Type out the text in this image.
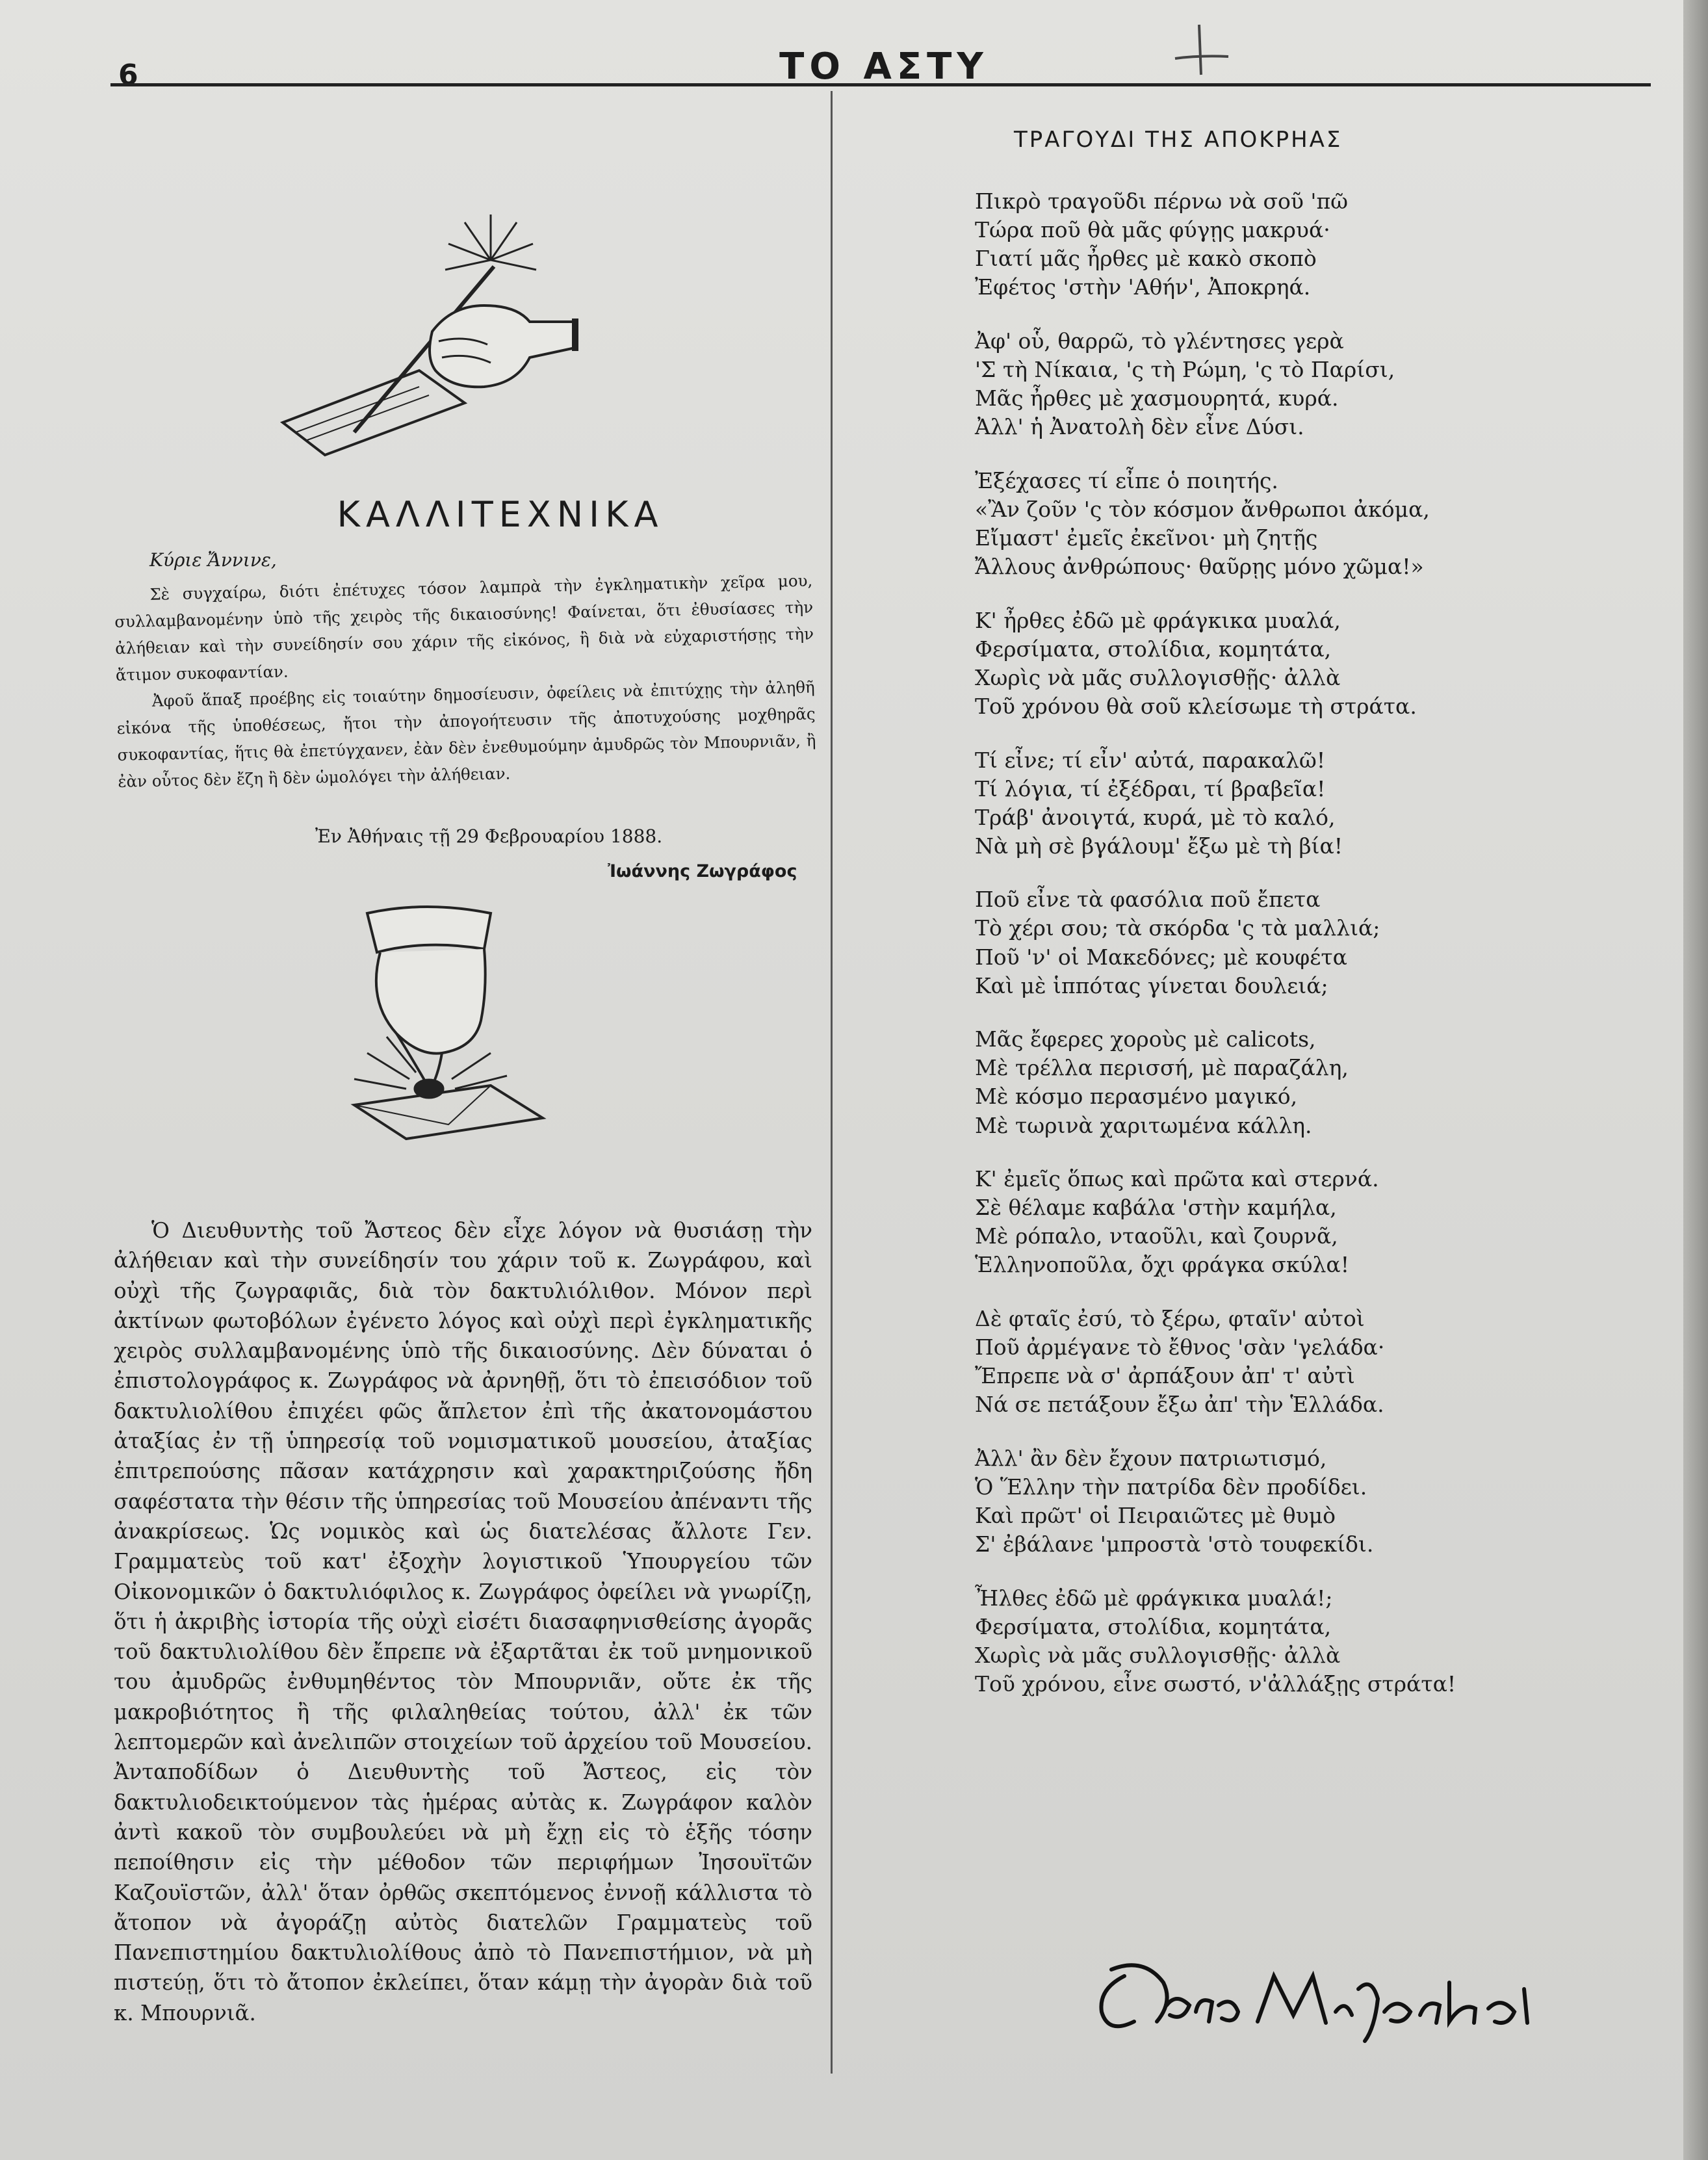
6	ΤΟ ΑΣΤΥ
ΚΑΛΛΙΤΕΧΝΙΚΑ
Κύριε Ἄννινε,

Σὲ συγχαίρω, διότι ἐπέτυχες τόσον λαμπρὰ τὴν ἐγκληματικὴν χεῖρα μου, συλλαμβανομένην ὑπὸ τῆς χειρὸς τῆς δικαιοσύνης! Φαίνεται, ὅτι ἐθυσίασες τὴν ἀλήθειαν καὶ τὴν συνείδησίν σου χάριν τῆς εἰκόνος, ἢ διὰ νὰ εὐχαριστήσῃς τὴν ἄτιμον συκοφαντίαν.

Ἀφοῦ ἅπαξ προέβης εἰς τοιαύτην δημοσίευσιν, ὀφείλεις νὰ ἐπιτύχῃς τὴν ἀληθῆ εἰκόνα τῆς ὑποθέσεως, ἤτοι τὴν ἀπογοήτευσιν τῆς ἀποτυχούσης μοχθηρᾶς συκοφαντίας, ἥτις θὰ ἐπετύγχανεν, ἐὰν δὲν ἐνεθυμούμην ἀμυδρῶς τὸν Μπουρνιᾶν, ἢ ἐὰν οὗτος δὲν ἔζη ἢ δὲν ὡμολόγει τὴν ἀλήθειαν.

Ἐν Ἀθήναις τῇ 29 Φεβρουαρίου 1888.
Ἰωάννης Ζωγράφος

Ὁ Διευθυντὴς τοῦ Ἄστεος δὲν εἶχε λόγον νὰ θυσιάσῃ τὴν ἀλήθειαν καὶ τὴν συνείδησίν του χάριν τοῦ κ. Ζωγράφου, καὶ οὐχὶ τῆς ζωγραφιᾶς, διὰ τὸν δακτυλιόλιθον. Μόνον περὶ ἀκτίνων φωτοβόλων ἐγένετο λόγος καὶ οὐχὶ περὶ ἐγκληματικῆς χειρὸς συλλαμβανομένης ὑπὸ τῆς δικαιοσύνης. Δὲν δύναται ὁ ἐπιστολογράφος κ. Ζωγράφος νὰ ἀρνηθῇ, ὅτι τὸ ἐπεισόδιον τοῦ δακτυλιολίθου ἐπιχέει φῶς ἄπλετον ἐπὶ τῆς ἀκατονομάστου ἀταξίας ἐν τῇ ὑπηρεσίᾳ τοῦ νομισματικοῦ μουσείου, ἀταξίας ἐπιτρεπούσης πᾶσαν κατάχρησιν καὶ χαρακτηριζούσης ἤδη σαφέστατα τὴν θέσιν τῆς ὑπηρεσίας τοῦ Μουσείου ἀπέναντι τῆς ἀνακρίσεως. Ὡς νομικὸς καὶ ὡς διατελέσας ἄλλοτε Γεν. Γραμματεὺς τοῦ κατ' ἐξοχὴν λογιστικοῦ Ὑπουργείου τῶν Οἰκονομικῶν ὁ δακτυλιόφιλος κ. Ζωγράφος ὀφείλει νὰ γνωρίζῃ, ὅτι ἡ ἀκριβὴς ἱστορία τῆς οὐχὶ εἰσέτι διασαφηνισθείσης ἀγορᾶς τοῦ δακτυλιολίθου δὲν ἔπρεπε νὰ ἐξαρτᾶται ἐκ τοῦ μνημονικοῦ του ἀμυδρῶς ἐνθυμηθέντος τὸν Μπουρνιᾶν, οὔτε ἐκ τῆς μακροβιότητος ἢ τῆς φιλαληθείας τούτου, ἀλλ' ἐκ τῶν λεπτομερῶν καὶ ἀνελιπῶν στοιχείων τοῦ ἀρχείου τοῦ Μουσείου. Ἀνταποδίδων ὁ Διευθυντὴς τοῦ Ἄστεος, εἰς τὸν δακτυλιοδεικτούμενον τὰς ἡμέρας αὐτὰς κ. Ζωγράφον καλὸν ἀντὶ κακοῦ τὸν συμβουλεύει νὰ μὴ ἔχῃ εἰς τὸ ἑξῆς τόσην πεποίθησιν εἰς τὴν μέθοδον τῶν περιφήμων Ἰησουϊτῶν Καζουϊστῶν, ἀλλ' ὅταν ὀρθῶς σκεπτόμενος ἐννοῇ κάλλιστα τὸ ἄτοπον νὰ ἀγοράζῃ αὐτὸς διατελῶν Γραμματεὺς τοῦ Πανεπιστημίου δακτυλιολίθους ἀπὸ τὸ Πανεπιστήμιον, νὰ μὴ πιστεύῃ, ὅτι τὸ ἄτοπον ἐκλείπει, ὅταν κάμῃ τὴν ἀγορὰν διὰ τοῦ κ. Μπουρνιᾶ.

ΤΡΑΓΟΥΔΙ ΤΗΣ ΑΠΟΚΡΗΑΣ
Πικρὸ τραγοῦδι πέρνω νὰ σοῦ 'πῶ
Τώρα ποῦ θὰ μᾶς φύγῃς μακρυά·
Γιατί μᾶς ἦρθες μὲ κακὸ σκοπὸ
Ἐφέτος 'στὴν 'Αθήν', Ἀποκρηά.
Ἀφ' οὗ, θαρρῶ, τὸ γλέντησες γερὰ
'Σ τὴ Νίκαια, 'ς τὴ Ρώμη, 'ς τὸ Παρίσι,
Μᾶς ἦρθες μὲ χασμουρητά, κυρά.
Ἀλλ' ἡ Ἀνατολὴ δὲν εἶνε Δύσι.
Ἐξέχασες τί εἶπε ὁ ποιητής.
«Ἂν ζοῦν 'ς τὸν κόσμον ἄνθρωποι ἀκόμα,
Εἴμαστ' ἐμεῖς ἐκεῖνοι· μὴ ζητῇς
Ἄλλους ἀνθρώπους· θαῦρῃς μόνο χῶμα!»
Κ' ἦρθες ἐδῶ μὲ φράγκικα μυαλά,
Φερσίματα, στολίδια, κομητάτα,
Χωρὶς νὰ μᾶς συλλογισθῇς· ἀλλὰ
Τοῦ χρόνου θὰ σοῦ κλείσωμε τὴ στράτα.
Τί εἶνε; τί εἶν' αὐτά, παρακαλῶ!
Τί λόγια, τί ἐξέδραι, τί βραβεῖα!
Τράβ' ἀνοιγτά, κυρά, μὲ τὸ καλό,
Νὰ μὴ σὲ βγάλουμ' ἔξω μὲ τὴ βία!
Ποῦ εἶνε τὰ φασόλια ποῦ ἔπετα
Τὸ χέρι σου; τὰ σκόρδα 'ς τὰ μαλλιά;
Ποῦ 'ν' οἱ Μακεδόνες; μὲ κουφέτα
Καὶ μὲ ἱππότας γίνεται δουλειά;
Μᾶς ἔφερες χοροὺς μὲ calicots,
Μὲ τρέλλα περισσή, μὲ παραζάλη,
Μὲ κόσμο περασμένο μαγικό,
Μὲ τωρινὰ χαριτωμένα κάλλη.
Κ' ἐμεῖς ὅπως καὶ πρῶτα καὶ στερνά.
Σὲ θέλαμε καβάλα 'στὴν καμήλα,
Μὲ ρόπαλο, νταοῦλι, καὶ ζουρνᾶ,
Ἑλληνοποῦλα, ὄχι φράγκα σκύλα!
Δὲ φταῖς ἐσύ, τὸ ξέρω, φταῖν' αὐτοὶ
Ποῦ ἀρμέγανε τὸ ἔθνος 'σὰν 'γελάδα·
Ἔπρεπε νὰ σ' ἀρπάξουν ἀπ' τ' αὐτὶ
Νά σε πετάξουν ἔξω ἀπ' τὴν Ἑλλάδα.
Ἀλλ' ἂν δὲν ἔχουν πατριωτισμό,
Ὁ Ἕλλην τὴν πατρίδα δὲν προδίδει.
Καὶ πρῶτ' οἱ Πειραιῶτες μὲ θυμὸ
Σ' ἐβάλανε 'μπροστὰ 'στὸ τουφεκίδι.
Ἦλθες ἐδῶ μὲ φράγκικα μυαλά!;
Φερσίματα, στολίδια, κομητάτα,
Χωρὶς νὰ μᾶς συλλογισθῇς· ἀλλὰ
Τοῦ χρόνου, εἶνε σωστό, ν'ἀλλάξῃς στράτα!
